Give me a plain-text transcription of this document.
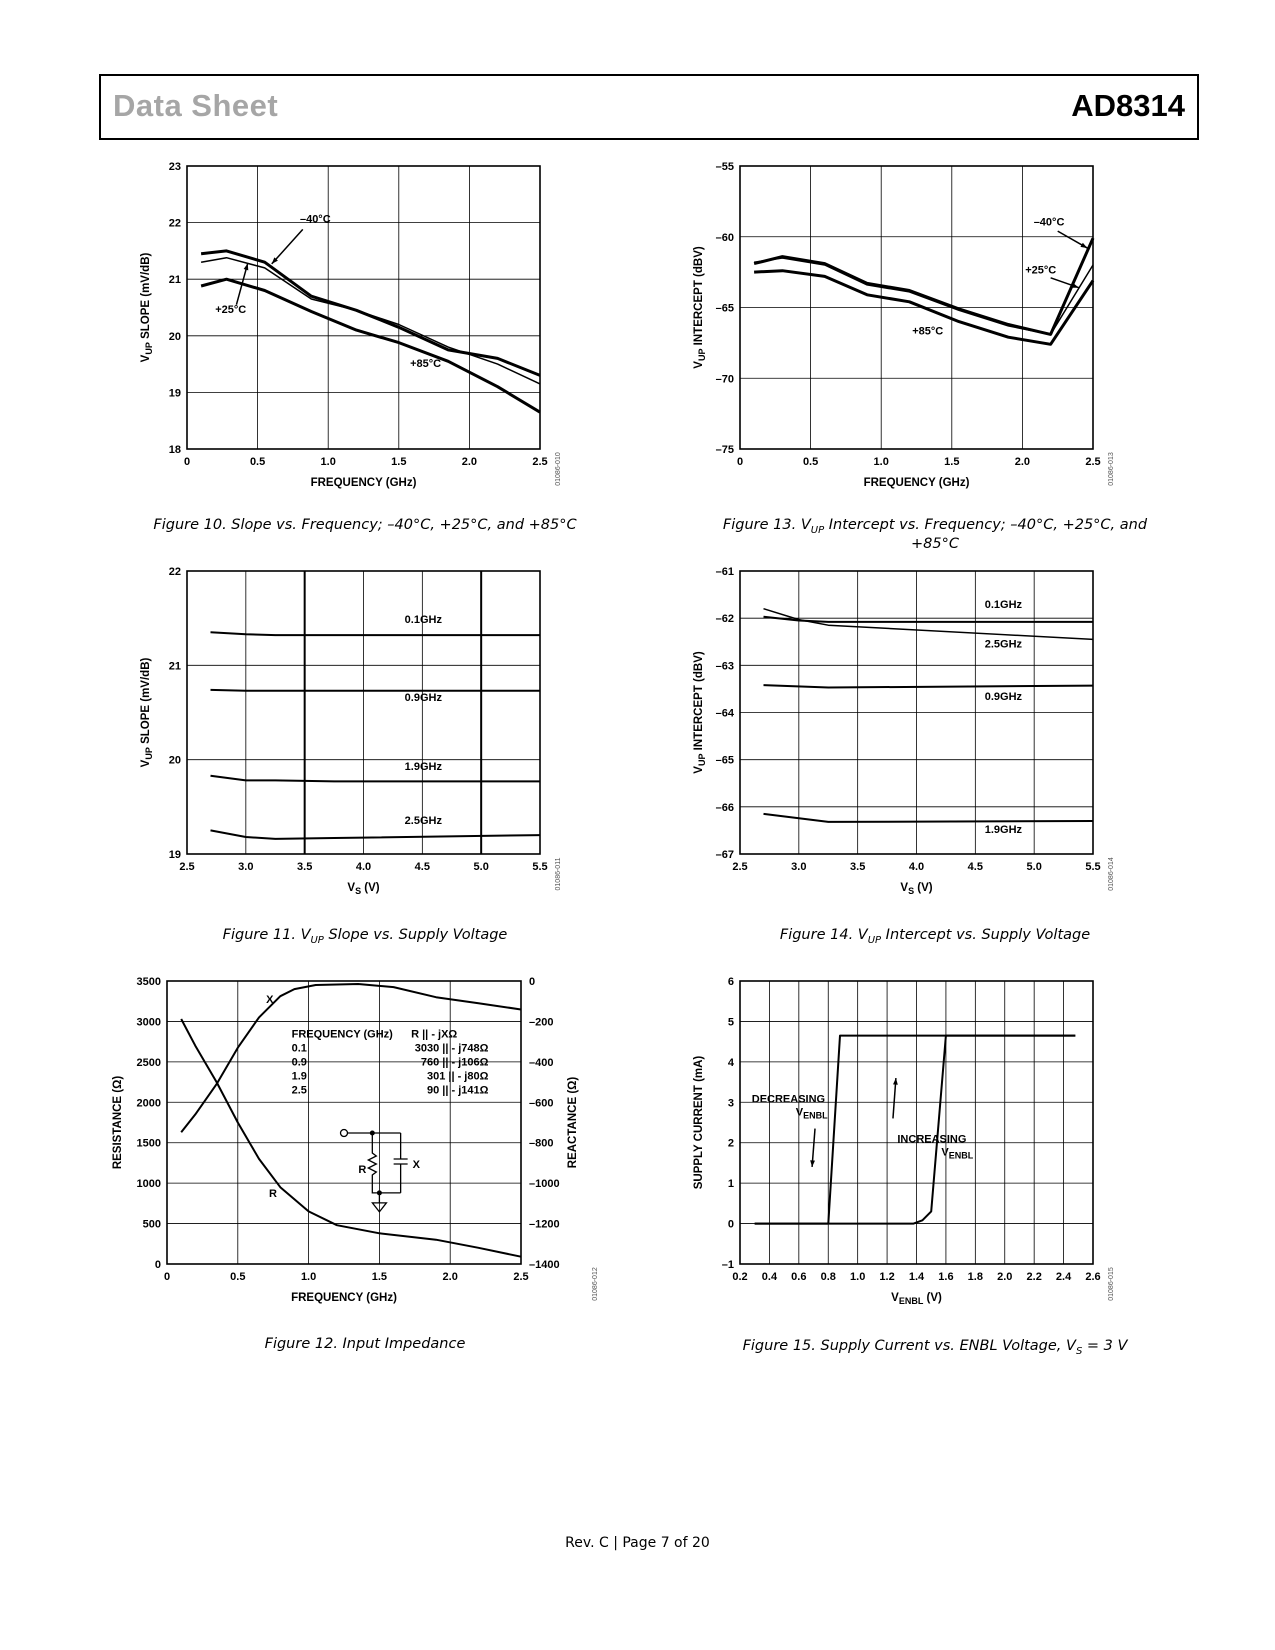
Data Sheet	AD8314
0	0.5	1.0	1.5	2.0	2.5
18
19
20
21
22
23
FREQUENCY (GHz)
$V_{UP}$ SLOPE (mV/dB)
01086-010
–40°C
+25°C
+85°C
Figure 10. Slope vs. Frequency; –40°C, +25°C, and +85°C
0	0.5	1.0	1.5	2.0	2.5
–75
–70
–65
–60
–55
FREQUENCY (GHz)
$V_{UP}$ INTERCEPT (dBV)
01086-013
–40°C
+25°C
+85°C
Figure 13. $V_{UP}$ Intercept vs. Frequency; –40°C, +25°C, and +85°C
2.5	3.0	3.5	4.0	4.5	5.0	5.5
19
20
21
22
$V_S$ (V)
$V_{UP}$ SLOPE (mV/dB)
01086-011
0.1GHz
0.9GHz
1.9GHz
2.5GHz
Figure 11. $V_{UP}$ Slope vs. Supply Voltage
2.5	3.0	3.5	4.0	4.5	5.0	5.5
–67
–66
–65
–64
–63
–62
–61
$V_S$ (V)
$V_{UP}$ INTERCEPT (dBV)
01086-014
0.1GHz
2.5GHz
0.9GHz
1.9GHz
Figure 14. $V_{UP}$ Intercept vs. Supply Voltage
0	0.5	1.0	1.5	2.0	2.5
0
500
1000
1500
2000
2500
3000
3500
–1400
–1200
–1000
–800
–600
–400
–200
0
FREQUENCY (GHz)
RESISTANCE (Ω)	REACTANCE (Ω)
01086-012
X
R
FREQUENCY (GHz) R || - jXΩ
0.1	3030 || - j748Ω
0.9	760 || - j106Ω
1.9	301 || - j80Ω
2.5	90 || - j141Ω
R	X
Figure 12. Input Impedance
0.2 0.4 0.6 0.8 1.0 1.2 1.4 1.6 1.8 2.0 2.2 2.4 2.6
–1
0
1
2
3
4
5
6
$V_{ENBL}$ (V)
SUPPLY CURRENT (mA)
01086-015
DECREASING $V_{ENBL}$
INCREASING $V_{ENBL}$
Figure 15. Supply Current vs. ENBL Voltage, $V_S = 3$ V
Rev. C | Page 7 of 20
